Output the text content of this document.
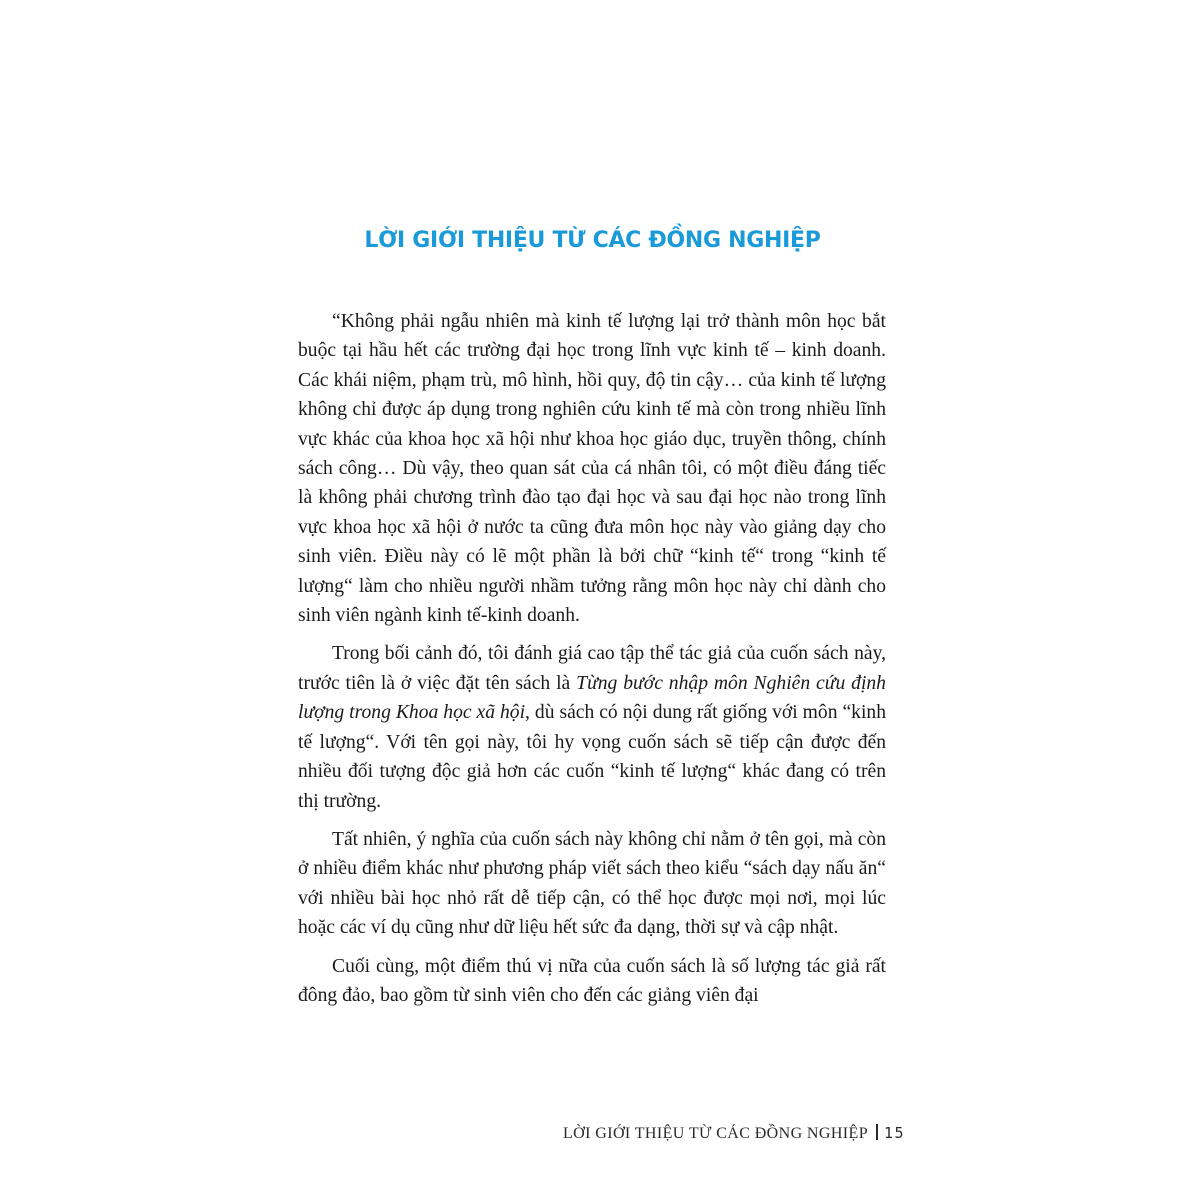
LỜI GIỚI THIỆU TỪ CÁC ĐỒNG NGHIỆP

“Không phải ngẫu nhiên mà kinh tế lượng lại trở thành môn học bắt buộc tại hầu hết các trường đại học trong lĩnh vực kinh tế – kinh doanh. Các khái niệm, phạm trù, mô hình, hồi quy, độ tin cậy… của kinh tế lượng không chỉ được áp dụng trong nghiên cứu kinh tế mà còn trong nhiều lĩnh vực khác của khoa học xã hội như khoa học giáo dục, truyền thông, chính sách công… Dù vậy, theo quan sát của cá nhân tôi, có một điều đáng tiếc là không phải chương trình đào tạo đại học và sau đại học nào trong lĩnh vực khoa học xã hội ở nước ta cũng đưa môn học này vào giảng dạy cho sinh viên. Điều này có lẽ một phần là bởi chữ “kinh tế“ trong “kinh tế lượng“ làm cho nhiều người nhầm tưởng rằng môn học này chỉ dành cho sinh viên ngành kinh tế-kinh doanh.

Trong bối cảnh đó, tôi đánh giá cao tập thể tác giả của cuốn sách này, trước tiên là ở việc đặt tên sách là Từng bước nhập môn Nghiên cứu định lượng trong Khoa học xã hội, dù sách có nội dung rất giống với môn “kinh tế lượng“. Với tên gọi này, tôi hy vọng cuốn sách sẽ tiếp cận được đến nhiều đối tượng độc giả hơn các cuốn “kinh tế lượng“ khác đang có trên thị trường.

Tất nhiên, ý nghĩa của cuốn sách này không chỉ nằm ở tên gọi, mà còn ở nhiều điểm khác như phương pháp viết sách theo kiểu “sách dạy nấu ăn“ với nhiều bài học nhỏ rất dễ tiếp cận, có thể học được mọi nơi, mọi lúc hoặc các ví dụ cũng như dữ liệu hết sức đa dạng, thời sự và cập nhật.

Cuối cùng, một điểm thú vị nữa của cuốn sách là số lượng tác giả rất đông đảo, bao gồm từ sinh viên cho đến các giảng viên đại

LỜI GIỚI THIỆU TỪ CÁC ĐỒNG NGHIỆP 15
